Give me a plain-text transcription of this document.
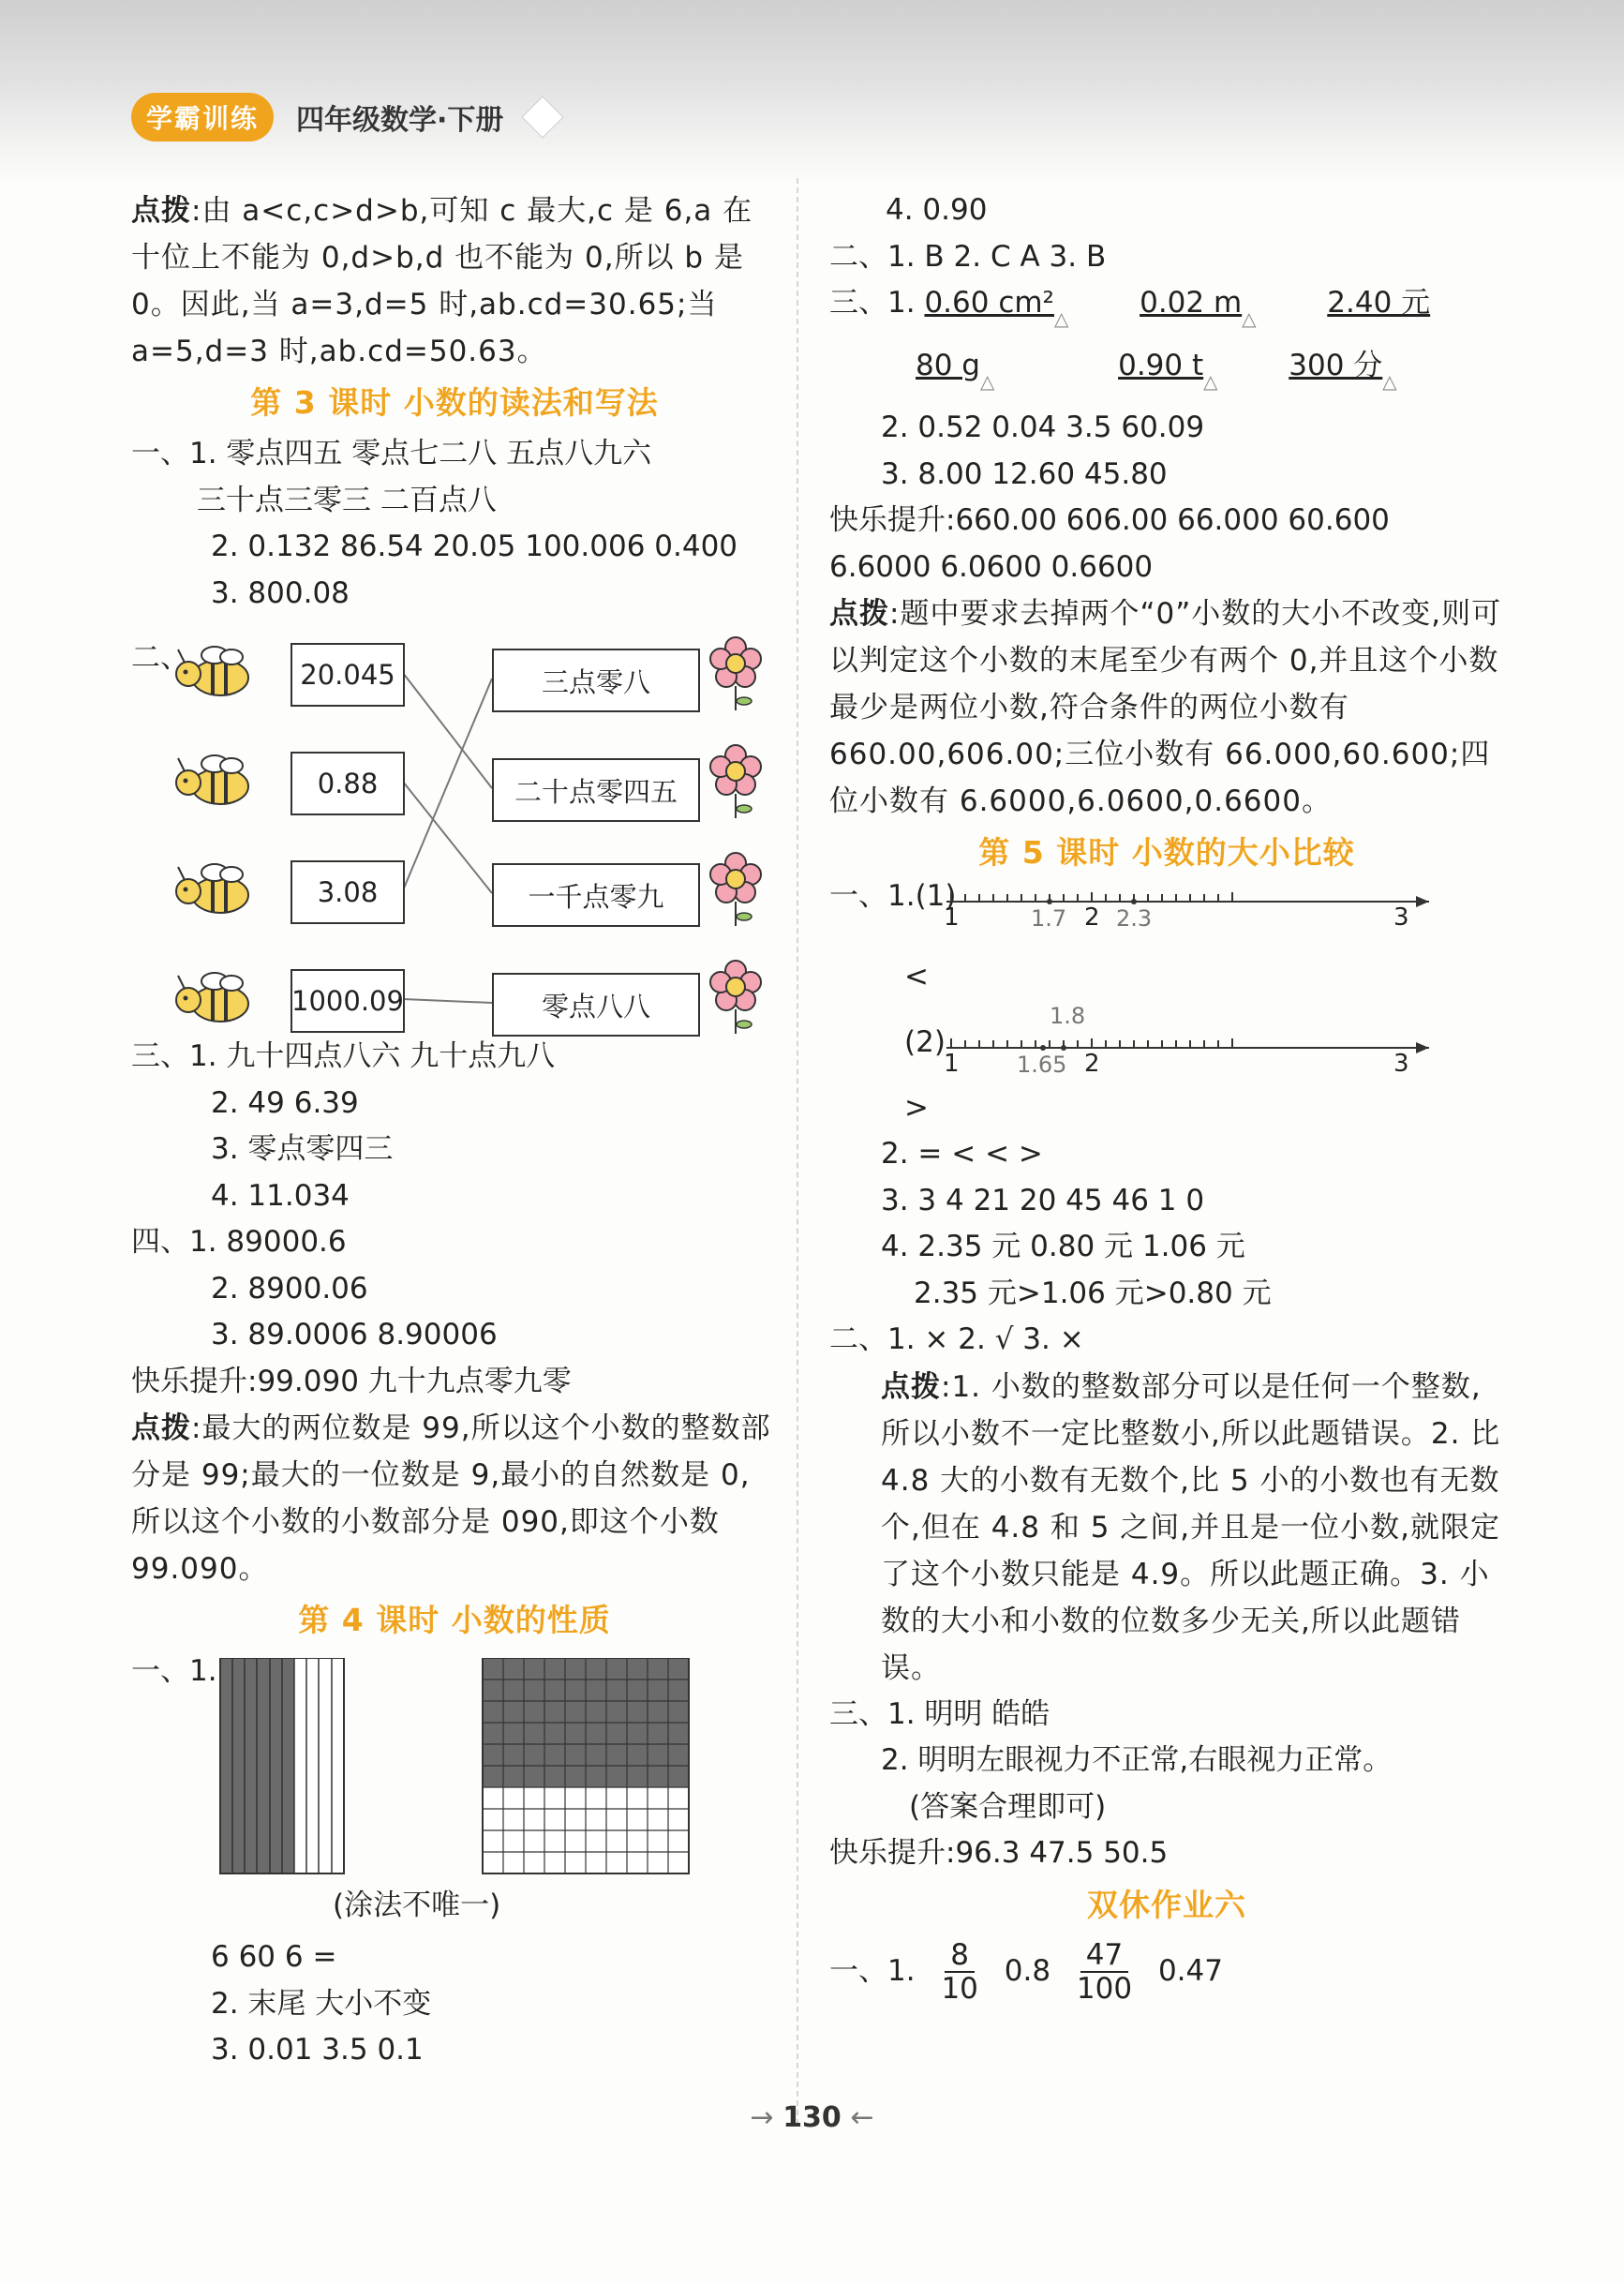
学霸训练	四年级数学·下册
点拨:由 a<c,c>d>b,可知 c 最大,c 是 6,a 在十位上不能为 0,d>b,d 也不能为 0,所以 b 是 0。因此,当 a=3,d=5 时,ab.cd=30.65;当 a=5,d=3 时,ab.cd=50.63。
第 3 课时 小数的读法和写法
一、1. 零点四五 零点七二八 五点八九六
三十点三零三 二百点八
2. 0.132 86.54 20.05 100.006 0.400
3. 800.08
二、	20.045
0.88
3.08
1000.09
三点零八
二十点零四五
一千点零九
零点八八
三、1. 九十四点八六 九十点九八
2. 49 6.39
3. 零点零四三
4. 11.034
四、1. 89000.6
2. 8900.06
3. 89.0006 8.90006
快乐提升:99.090 九十九点零九零
点拨:最大的两位数是 99,所以这个小数的整数部分是 99;最大的一位数是 9,最小的自然数是 0,所以这个小数的小数部分是 090,即这个小数 99.090。
第 4 课时 小数的性质
一、1.
(涂法不唯一)
6 60 6 =
2. 末尾 大小不变
3. 0.01 3.5 0.1
4. 0.90
二、1. B 2. C A 3. B
三、1. 0.60 $cm^2_\triangle$ 0.02 $m_\triangle$ 2.40 元
80 $g_\triangle$	0.90 $t_\triangle$ 300 分$_\triangle$
2. 0.52 0.04 3.5 60.09
3. 8.00 12.60 45.80
快乐提升:660.00 606.00 66.000 60.600
6.6000 6.0600 0.6600
点拨:题中要求去掉两个“0”小数的大小不改变,则可以判定这个小数的末尾至少有两个 0,并且这个小数最少是两位小数,符合条件的两位小数有 660.00,606.00;三位小数有 66.000,60.600;四位小数有 6.6000,6.0600,0.6600。
第 5 课时 小数的大小比较
一、1.(1)
1	1.7 2 2.3	3
<
(2)
1	1.65
1.8
2	3
>
2. = < < >
3. 3 4 21 20 45 46 1 0
4. 2.35 元 0.80 元 1.06 元
2.35 元>1.06 元>0.80 元
二、1. × 2. √ 3. ×
点拨:1. 小数的整数部分可以是任何一个整数,所以小数不一定比整数小,所以此题错误。2. 比 4.8 大的小数有无数个,比 5 小的小数也有无数个,但在 4.8 和 5 之间,并且是一位小数,就限定了这个小数只能是 4.9。所以此题正确。3. 小数的大小和小数的位数多少无关,所以此题错误。
三、1. 明明 皓皓
2. 明明左眼视力不正常,右眼视力正常。
(答案合理即可)
快乐提升:96.3 47.5 50.5
双休作业六
一、1. $\frac{8}{10} 0.8 \frac{47}{100} 0.47$
→ 130 ←
